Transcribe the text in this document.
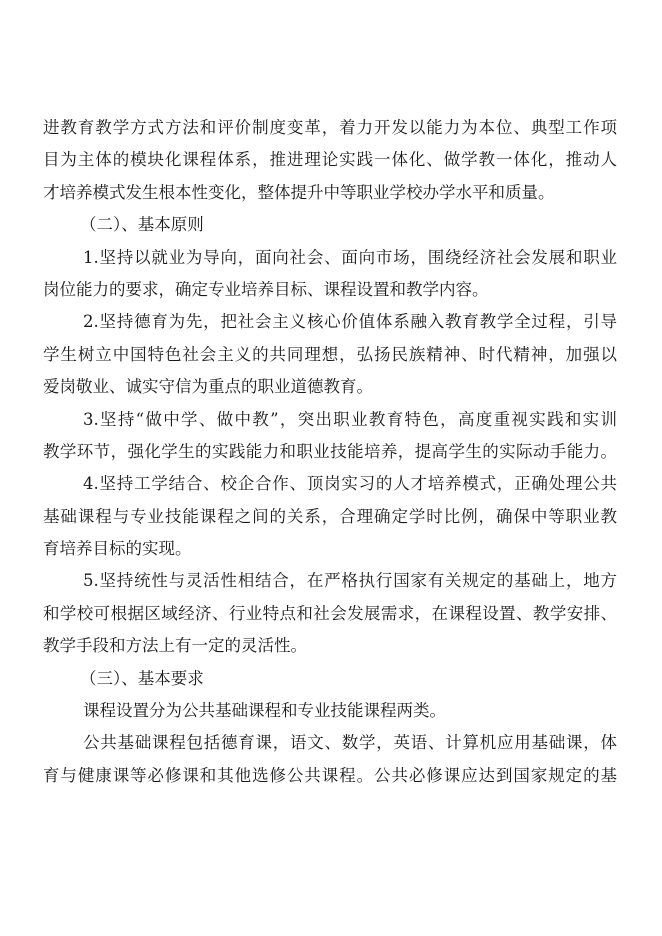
进教育教学方式方法和评价制度变革，着力开发以能力为本位、典型工作项
目为主体的模块化课程体系，推进理论实践一体化、做学教一体化，推动人
才培养模式发生根本性变化，整体提升中等职业学校办学水平和质量。
（二）、基本原则
1.坚持以就业为导向，面向社会、面向市场，围绕经济社会发展和职业
岗位能力的要求，确定专业培养目标、课程设置和教学内容。
2.坚持德育为先，把社会主义核心价值体系融入教育教学全过程，引导
学生树立中国特色社会主义的共同理想，弘扬民族精神、时代精神，加强以
爱岗敬业、诚实守信为重点的职业道德教育。
3.坚持“做中学、做中教”，突出职业教育特色，高度重视实践和实训
教学环节，强化学生的实践能力和职业技能培养，提高学生的实际动手能力。
4.坚持工学结合、校企合作、顶岗实习的人才培养模式，正确处理公共
基础课程与专业技能课程之间的关系，合理确定学时比例，确保中等职业教
育培养目标的实现。
5.坚持统性与灵活性相结合，在严格执行国家有关规定的基础上，地方
和学校可根据区域经济、行业特点和社会发展需求，在课程设置、教学安排、
教学手段和方法上有一定的灵活性。
（三）、基本要求
课程设置分为公共基础课程和专业技能课程两类。
公共基础课程包括德育课，语文、数学，英语、计算机应用基础课，体
育与健康课等必修课和其他选修公共课程。公共必修课应达到国家规定的基
